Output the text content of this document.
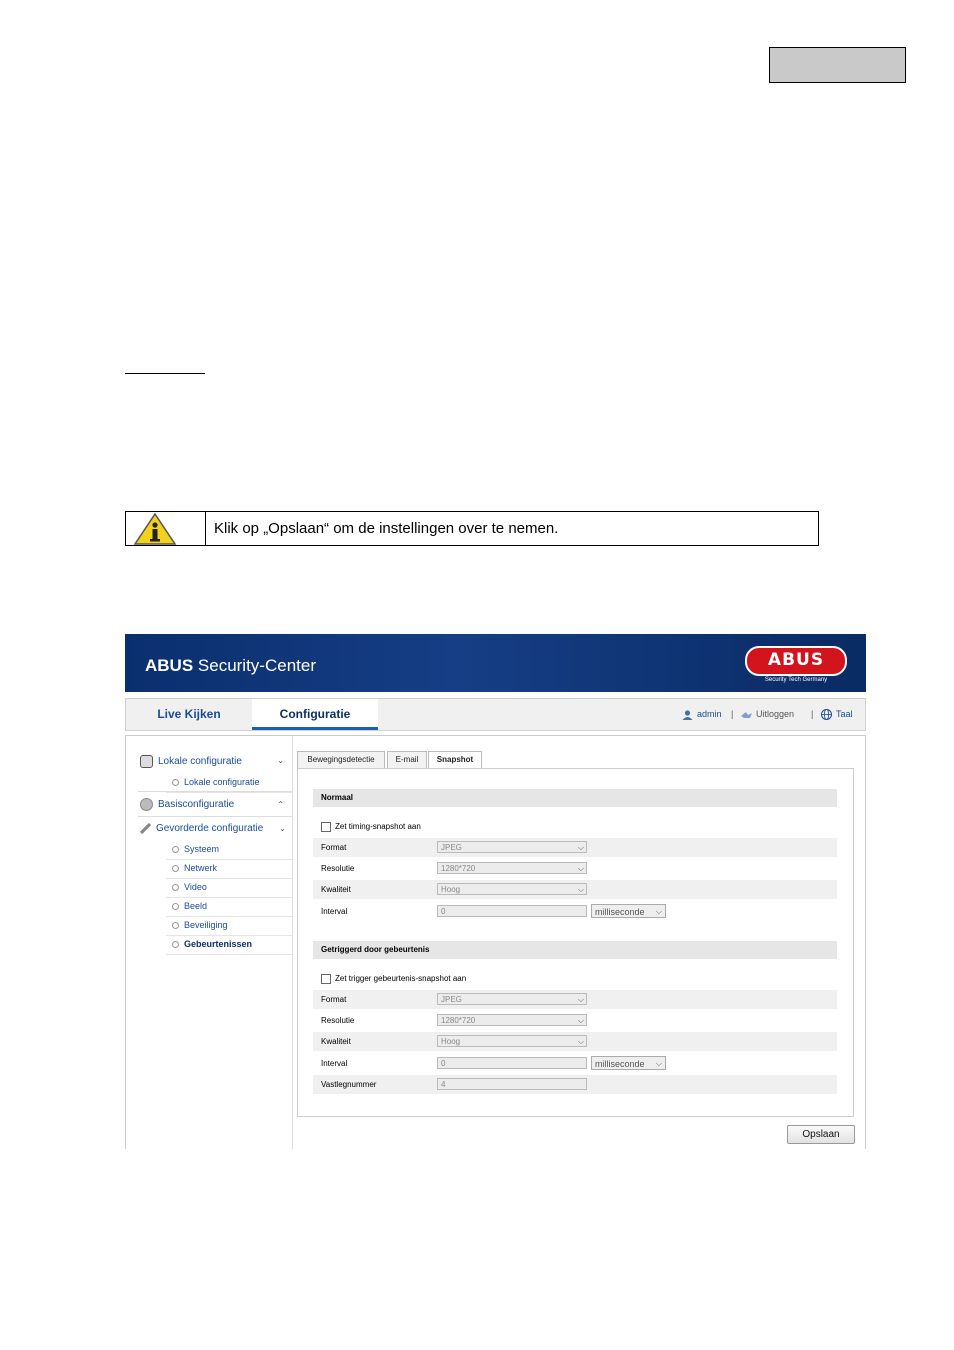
Klik op „Opslaan“ om de instellingen over te nemen.
ABUS Security-Center	ABUS
Security Tech Germany
Live Kijken	Configuratie	admin |	Uitloggen |	Taal
Lokale configuratie	⌄
Lokale configuratie
Basisconfiguratie	⌃
Gevorderde configuratie ⌄
Systeem
Netwerk
Video
Beeld
Beveiliging
Gebeurtenissen
Bewegingsdetectie	E-mail	Snapshot
Normaal
Zet timing-snapshot aan
Format	JPEG	⌵
Resolutie	1280*720	⌵
Kwaliteit	Hoog	⌵
Interval	0	milliseconde ⌵
Getriggerd door gebeurtenis
Zet trigger gebeurtenis-snapshot aan
Format	JPEG	⌵
Resolutie	1280*720	⌵
Kwaliteit	Hoog	⌵
Interval	0	milliseconde ⌵
Vastlegnummer	4
Opslaan
